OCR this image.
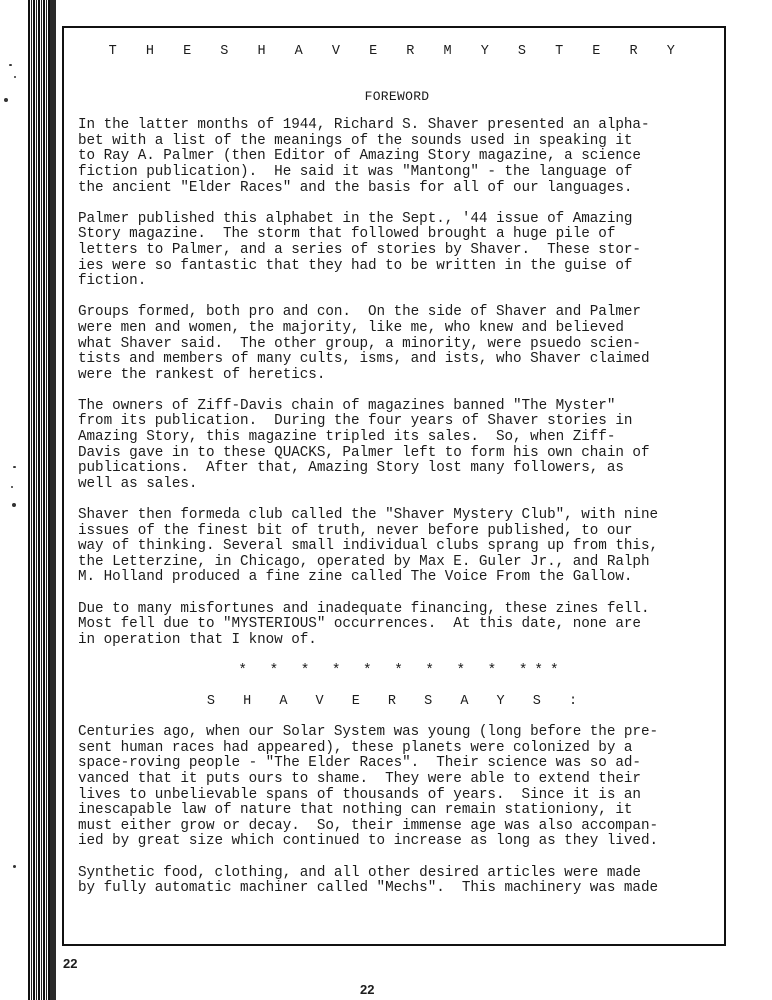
T H E S H A V E R M Y S T E R Y
FOREWORD
In the latter months of 1944, Richard S. Shaver presented an alpha-
bet with a list of the meanings of the sounds used in speaking it
to Ray A. Palmer (then Editor of Amazing Story magazine, a science
fiction publication).  He said it was "Mantong" - the language of
the ancient "Elder Races" and the basis for all of our languages.
Palmer published this alphabet in the Sept., '44 issue of Amazing
Story magazine.  The storm that followed brought a huge pile of
letters to Palmer, and a series of stories by Shaver.  These stor-
ies were so fantastic that they had to be written in the guise of
fiction.
Groups formed, both pro and con.  On the side of Shaver and Palmer
were men and women, the majority, like me, who knew and believed
what Shaver said.  The other group, a minority, were psuedo scien-
tists and members of many cults, isms, and ists, who Shaver claimed
were the rankest of heretics.
The owners of Ziff-Davis chain of magazines banned "The Myster"
from its publication.  During the four years of Shaver stories in
Amazing Story, this magazine tripled its sales.  So, when Ziff-
Davis gave in to these QUACKS, Palmer left to form his own chain of
publications.  After that, Amazing Story lost many followers, as
well as sales.
Shaver then formeda club called the "Shaver Mystery Club", with nine
issues of the finest bit of truth, never before published, to our
way of thinking. Several small individual clubs sprang up from this,
the Letterzine, in Chicago, operated by Max E. Guler Jr., and Ralph
M. Holland produced a fine zine called The Voice From the Gallow.
Due to many misfortunes and inadequate financing, these zines fell.
Most fell due to "MYSTERIOUS" occurrences.  At this date, none are
in operation that I know of.
* * * * * * * * * ***
S H A V E R S A Y S :
Centuries ago, when our Solar System was young (long before the pre-
sent human races had appeared), these planets were colonized by a
space-roving people - "The Elder Races".  Their science was so ad-
vanced that it puts ours to shame.  They were able to extend their
lives to unbelievable spans of thousands of years.  Since it is an
inescapable law of nature that nothing can remain stationiony, it
must either grow or decay.  So, their immense age was also accompan-
ied by great size which continued to increase as long as they lived.
Synthetic food, clothing, and all other desired articles were made
by fully automatic machiner called "Mechs".  This machinery was made
22
22
